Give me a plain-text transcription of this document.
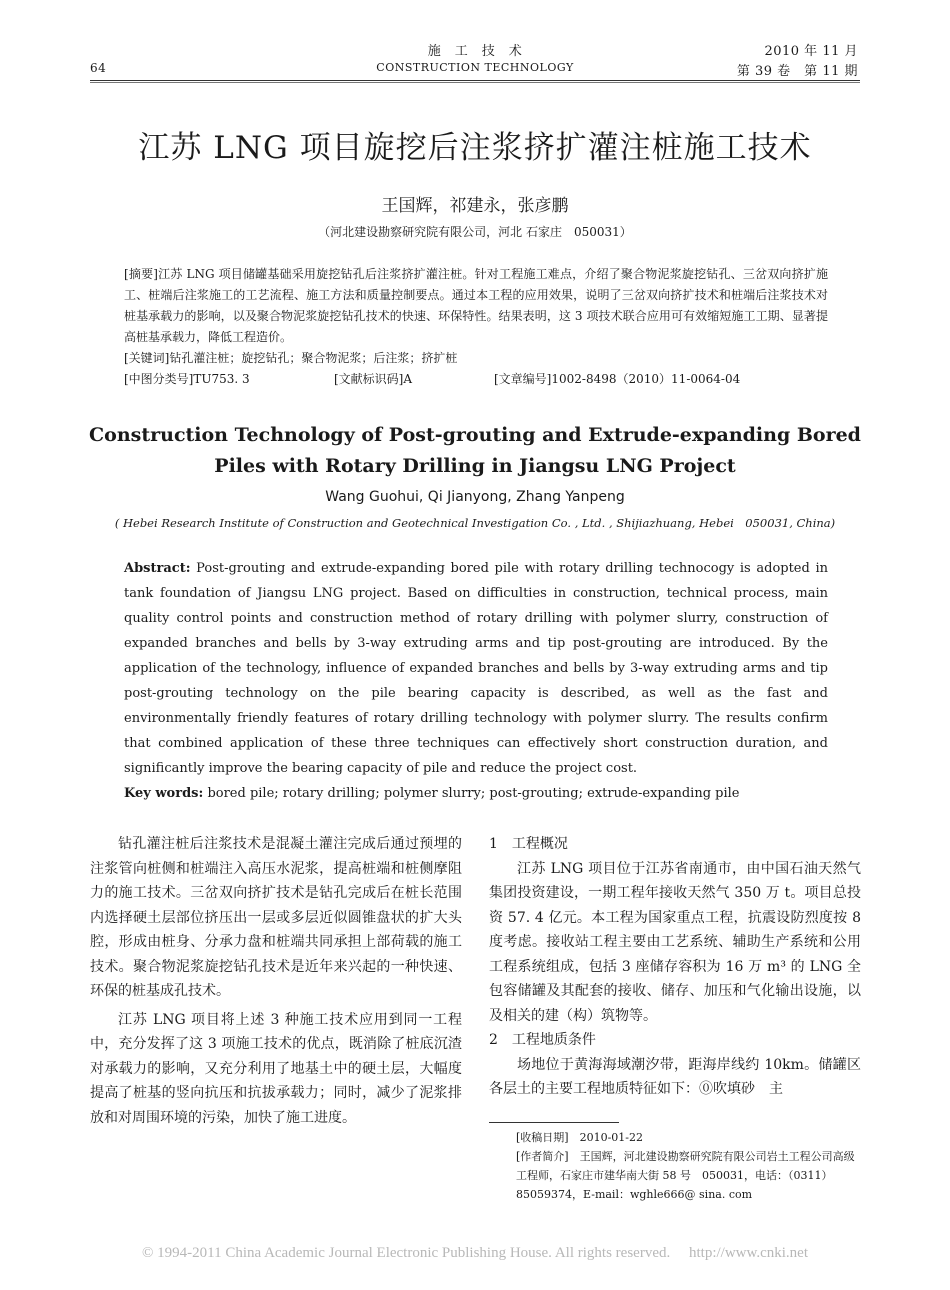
施　工　技　术
CONSTRUCTION TECHNOLOGY
64
2010 年 11 月
第 39 卷　第 11 期
江苏 LNG 项目旋挖后注浆挤扩灌注桩施工技术
王国辉，祁建永，张彦鹏
（河北建设勘察研究院有限公司，河北 石家庄　050031）

[摘要]江苏 LNG 项目储罐基础采用旋挖钻孔后注浆挤扩灌注桩。针对工程施工难点，介绍了聚合物泥浆旋挖钻孔、三岔双向挤扩施工、桩端后注浆施工的工艺流程、施工方法和质量控制要点。通过本工程的应用效果，说明了三岔双向挤扩技术和桩端后注浆技术对桩基承载力的影响，以及聚合物泥浆旋挖钻孔技术的快速、环保特性。结果表明，这 3 项技术联合应用可有效缩短施工工期、显著提高桩基承载力，降低工程造价。

[关键词]钻孔灌注桩；旋挖钻孔；聚合物泥浆；后注浆；挤扩桩

[中图分类号]TU753. 3	[文献标识码]A	[文章编号]1002-8498（2010）11-0064-04
Construction Technology of Post-grouting and Extrude-expanding Bored
Piles with Rotary Drilling in Jiangsu LNG Project
Wang Guohui, Qi Jianyong, Zhang Yanpeng
( Hebei Research Institute of Construction and Geotechnical Investigation Co. , Ltd. , Shijiazhuang, Hebei　050031, China)

Abstract: Post-grouting and extrude-expanding bored pile with rotary drilling technocogy is adopted in tank foundation of Jiangsu LNG project. Based on difficulties in construction, technical process, main quality control points and construction method of rotary drilling with polymer slurry, construction of expanded branches and bells by 3-way extruding arms and tip post-grouting are introduced. By the application of the technology, influence of expanded branches and bells by 3-way extruding arms and tip post-grouting technology on the pile bearing capacity is described, as well as the fast and environmentally friendly features of rotary drilling technology with polymer slurry. The results confirm that combined application of these three techniques can effectively short construction duration, and significantly improve the bearing capacity of pile and reduce the project cost.

Key words: bored pile; rotary drilling; polymer slurry; post-grouting; extrude-expanding pile

钻孔灌注桩后注浆技术是混凝土灌注完成后通过预埋的注浆管向桩侧和桩端注入高压水泥浆，提高桩端和桩侧摩阻力的施工技术。三岔双向挤扩技术是钻孔完成后在桩长范围内选择硬土层部位挤压出一层或多层近似圆锥盘状的扩大头腔，形成由桩身、分承力盘和桩端共同承担上部荷载的施工技术。聚合物泥浆旋挖钻孔技术是近年来兴起的一种快速、环保的桩基成孔技术。

江苏 LNG 项目将上述 3 种施工技术应用到同一工程中，充分发挥了这 3 项施工技术的优点，既消除了桩底沉渣对承载力的影响，又充分利用了地基土中的硬土层，大幅度提高了桩基的竖向抗压和抗拔承载力；同时，减少了泥浆排放和对周围环境的污染，加快了施工进度。

1　工程概况

江苏 LNG 项目位于江苏省南通市，由中国石油天然气集团投资建设，一期工程年接收天然气 350 万 t。项目总投资 57. 4 亿元。本工程为国家重点工程，抗震设防烈度按 8 度考虑。接收站工程主要由工艺系统、辅助生产系统和公用工程系统组成，包括 3 座储存容积为 16 万 m³ 的 LNG 全包容储罐及其配套的接收、储存、加压和气化输出设施，以及相关的建（构）筑物等。

2　工程地质条件

场地位于黄海海域潮汐带，距海岸线约 10km。储罐区各层土的主要工程地质特征如下：⓪吹填砂　主

[收稿日期]　2010-01-22

[作者简介]　王国辉，河北建设勘察研究院有限公司岩土工程公司高级工程师，石家庄市建华南大街 58 号　050031，电话：（0311）85059374，E-mail：wghle666@ sina. com

© 1994-2011 China Academic Journal Electronic Publishing House. All rights reserved.　 http://www.cnki.net
